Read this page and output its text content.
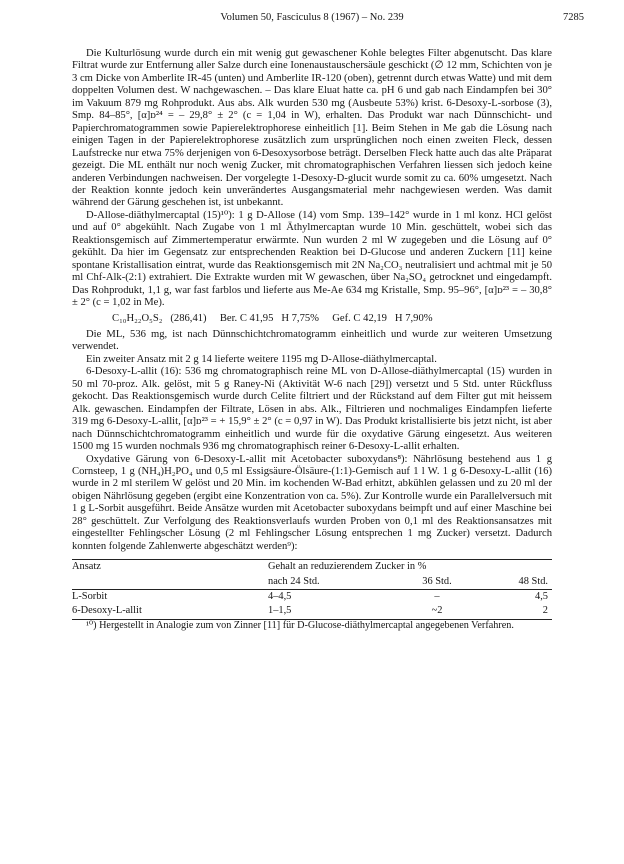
Volumen 50, Fasciculus 8 (1967) – No. 239	7285

Die Kulturlösung wurde durch ein mit wenig gut gewaschener Kohle belegtes Filter abgenutscht. Das klare Filtrat wurde zur Entfernung aller Salze durch eine Ionenaustauschersäule geschickt (∅ 12 mm, Schichten von je 3 cm Dicke von Amberlite IR-45 (unten) und Amberlite IR-120 (oben), getrennt durch etwas Watte) und mit dem doppelten Volumen dest. W nachgewaschen. – Das klare Eluat hatte ca. pH 6 und gab nach Eindampfen bei 30° im Vakuum 879 mg Rohprodukt. Aus abs. Alk wurden 530 mg (Ausbeute 53%) krist. 6-Desoxy-L-sorbose (3), Smp. 84–85°, [α]ᴅ²⁴ = – 29,8° ± 2° (c = 1,04 in W), erhalten. Das Produkt war nach Dünnschicht- und Papierchromatogrammen sowie Papierelektrophorese einheitlich [1]. Beim Stehen in Me gab die Lösung nach einigen Tagen in der Papierelektrophorese zusätzlich zum ursprünglichen noch einen zweiten Fleck, dessen Laufstrecke nur etwa 75% derjenigen von 6-Desoxysorbose beträgt. Derselben Fleck hatte auch das alte Präparat gezeigt. Die ML enthält nur noch wenig Zucker, mit chromatographischen Verfahren liessen sich jedoch keine anderen Verbindungen nachweisen. Der vorgelegte 1-Desoxy-D-glucit wurde somit zu ca. 60% umgesetzt. Nach der Reaktion konnte jedoch kein unverändertes Ausgangsmaterial mehr nachgewiesen werden. Was damit während der Gärung geschehen ist, ist unbekannt.

D-Allose-diäthylmercaptal (15)¹⁰): 1 g D-Allose (14) vom Smp. 139–142° wurde in 1 ml konz. HCl gelöst und auf 0° abgekühlt. Nach Zugabe von 1 ml Äthylmercaptan wurde 10 Min. geschüttelt, wobei sich das Reaktionsgemisch auf Zimmertemperatur erwärmte. Nun wurden 2 ml W zugegeben und die Lösung auf 0° gekühlt. Da hier im Gegensatz zur entsprechenden Reaktion bei D-Glucose und anderen Zuckern [11] keine spontane Kristallisation eintrat, wurde das Reaktionsgemisch mit 2N Na₂CO₃ neutralisiert und achtmal mit je 50 ml Chf-Alk-(2:1) extrahiert. Die Extrakte wurden mit W gewaschen, über Na₂SO₄ getrocknet und eingedampft. Das Rohprodukt, 1,1 g, war fast farblos und lieferte aus Me-Ae 634 mg Kristalle, Smp. 95–96°, [α]ᴅ²³ = – 30,8° ± 2° (c = 1,02 in Me).

C₁₀H₂₂O₅S₂ (286,41) Ber. C 41,95   H 7,75% Gef. C 42,19   H 7,90%

Die ML, 536 mg, ist nach Dünnschichtchromatogramm einheitlich und wurde zur weiteren Umsetzung verwendet.

Ein zweiter Ansatz mit 2 g 14 lieferte weitere 1195 mg D-Allose-diäthylmercaptal.

6-Desoxy-L-allit (16): 536 mg chromatographisch reine ML von D-Allose-diäthylmercaptal (15) wurden in 50 ml 70-proz. Alk. gelöst, mit 5 g Raney-Ni (Aktivität W-6 nach [29]) versetzt und 5 Std. unter Rückfluss gekocht. Das Reaktionsgemisch wurde durch Celite filtriert und der Rückstand auf dem Filter gut mit heissem Alk. gewaschen. Eindampfen der Filtrate, Lösen in abs. Alk., Filtrieren und nochmaliges Eindampfen lieferte 319 mg 6-Desoxy-L-allit, [α]ᴅ²³ = + 15,9° ± 2° (c = 0,97 in W). Das Produkt kristallisierte bis jetzt nicht, ist aber nach Dünnschichtchromatogramm einheitlich und wurde für die oxydative Gärung eingesetzt. Aus weiteren 1500 mg 15 wurden nochmals 936 mg chromatographisch reiner 6-Desoxy-L-allit erhalten.

Oxydative Gärung von 6-Desoxy-L-allit mit Acetobacter suboxydans⁸): Nährlösung bestehend aus 1 g Cornsteep, 1 g (NH₄)H₂PO₄ und 0,5 ml Essigsäure-Ölsäure-(1:1)-Gemisch auf 1 l W. 1 g 6-Desoxy-L-allit (16) wurde in 2 ml sterilem W gelöst und 20 Min. im kochenden W-Bad erhitzt, abkühlen gelassen und zu 20 ml der obigen Nährlösung gegeben (ergibt eine Konzentration von ca. 5%). Zur Kontrolle wurde ein Parallelversuch mit 1 g L-Sorbit ausgeführt. Beide Ansätze wurden mit Acetobacter suboxydans beimpft und auf einer Maschine bei 28° geschüttelt. Zur Verfolgung des Reaktionsverlaufs wurden Proben von 0,1 ml des Reaktionsansatzes mit eingestellter Fehlingscher Lösung (2 ml Fehlingscher Lösung entsprechen 1 mg Zucker) versetzt. Dadurch konnten folgende Zahlenwerte abgeschätzt werden⁹):

Ansatz	Gehalt an reduzierendem Zucker in %		
	nach 24 Std.	36 Std.	48 Std.

L-Sorbit	4–4,5	–	4,5
6-Desoxy-L-allit	1–1,5	~2	2

¹⁰) Hergestellt in Analogie zum von Zinner [11] für D-Glucose-diäthylmercaptal angegebenen Verfahren.
